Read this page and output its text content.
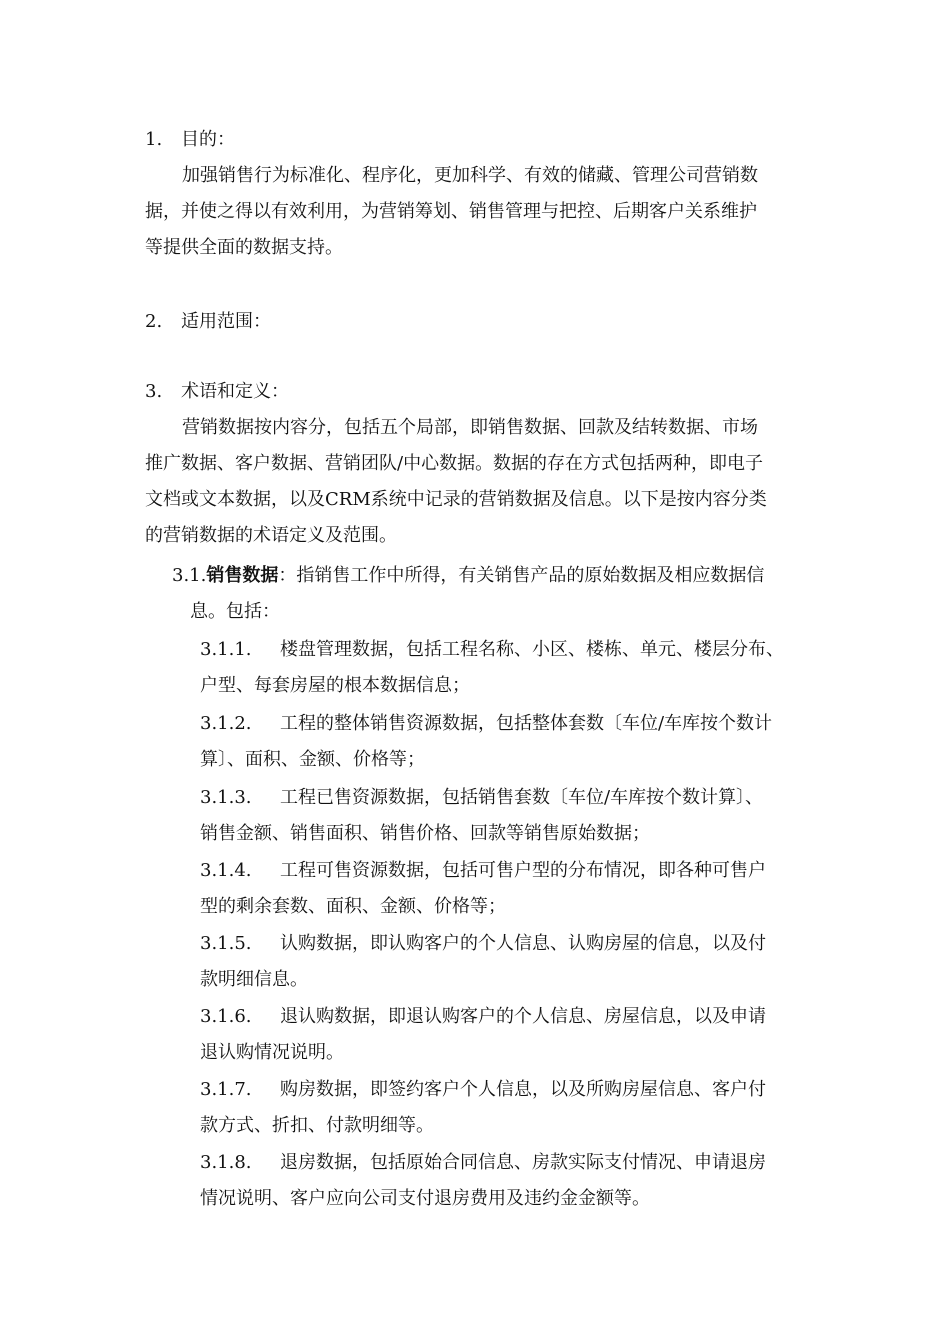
1. 目的：
加强销售行为标准化、程序化，更加科学、有效的储藏、管理公司营销数
据，并使之得以有效利用，为营销筹划、销售管理与把控、后期客户关系维护
等提供全面的数据支持。
2. 适用范围：
3. 术语和定义：
营销数据按内容分，包括五个局部，即销售数据、回款及结转数据、市场
推广数据、客户数据、营销团队/中心数据。数据的存在方式包括两种，即电子
文档或文本数据，以及CRM系统中记录的营销数据及信息。以下是按内容分类
的营销数据的术语定义及范围。
3.1.销售数据：指销售工作中所得，有关销售产品的原始数据及相应数据信
息。包括：
3.1.1. 楼盘管理数据，包括工程名称、小区、楼栋、单元、楼层分布、
户型、每套房屋的根本数据信息；
3.1.2. 工程的整体销售资源数据，包括整体套数〔车位/车库按个数计
算〕、面积、金额、价格等；
3.1.3. 工程已售资源数据，包括销售套数〔车位/车库按个数计算〕、
销售金额、销售面积、销售价格、回款等销售原始数据；
3.1.4. 工程可售资源数据，包括可售户型的分布情况，即各种可售户
型的剩余套数、面积、金额、价格等；
3.1.5. 认购数据，即认购客户的个人信息、认购房屋的信息，以及付
款明细信息。
3.1.6. 退认购数据，即退认购客户的个人信息、房屋信息，以及申请
退认购情况说明。
3.1.7. 购房数据，即签约客户个人信息，以及所购房屋信息、客户付
款方式、折扣、付款明细等。
3.1.8. 退房数据，包括原始合同信息、房款实际支付情况、申请退房
情况说明、客户应向公司支付退房费用及违约金金额等。
